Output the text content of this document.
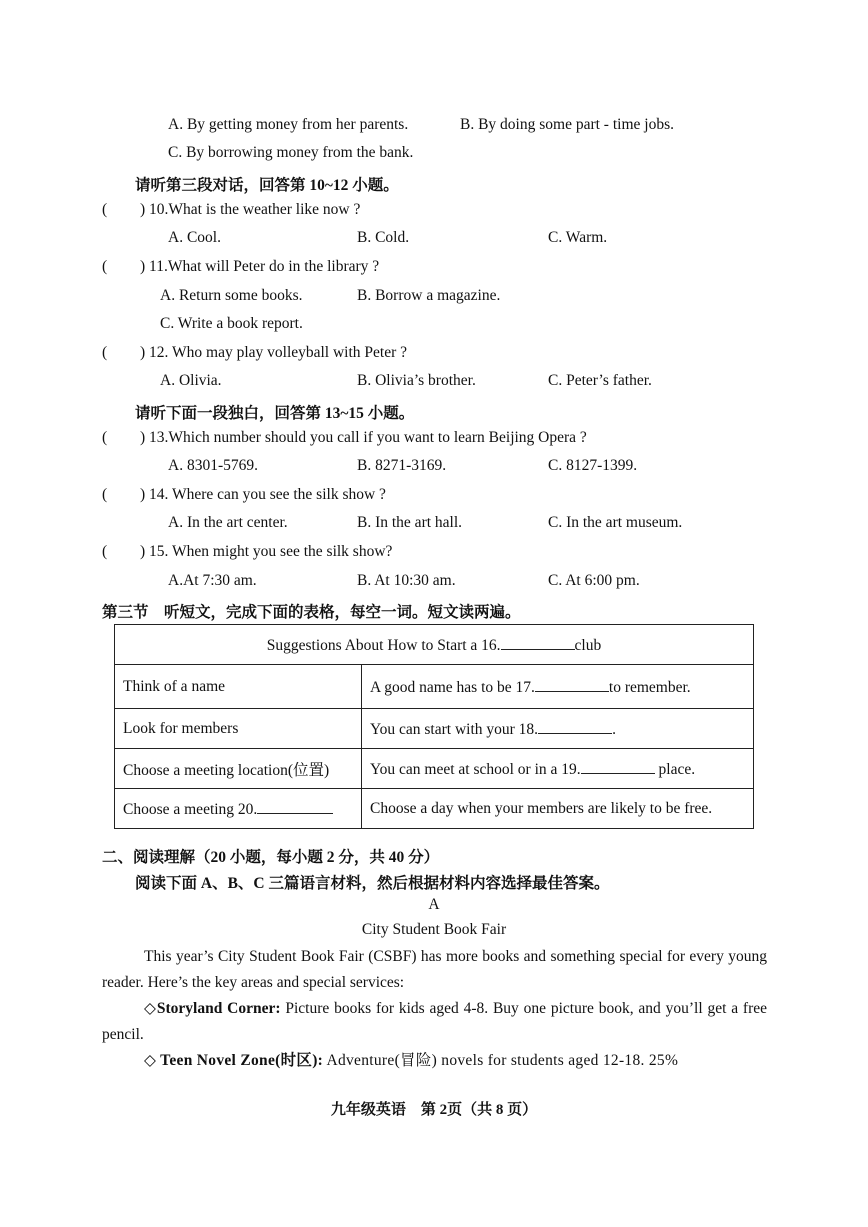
A. By getting money from her parents.	B. By doing some part - time jobs.
C. By borrowing money from the bank.
请听第三段对话，回答第 10~12 小题。
( ) 10.What is the weather like now ?
A. Cool.	B. Cold.	C. Warm.
( ) 11.What will Peter do in the library ?
A. Return some books.	B. Borrow a magazine.
C. Write a book report.
( ) 12. Who may play volleyball with Peter ?
A. Olivia.	B. Olivia’s brother.	C. Peter’s father.
请听下面一段独白，回答第 13~15 小题。
( ) 13.Which number should you call if you want to learn Beijing Opera ?
A. 8301-5769.	B. 8271-3169.	C. 8127-1399.
( ) 14. Where can you see the silk show ?
A. In the art center.	B. In the art hall.	C. In the art museum.
( ) 15. When might you see the silk show?
A.At 7:30 am.	B. At 10:30 am.	C. At 6:00 pm.
第三节　听短文，完成下面的表格，每空一词。短文读两遍。
Suggestions About How to Start a 16. club	
Think of a name	A good name has to be 17. to remember.
Look for members	You can start with your 18. .
Choose a meeting location(位置)	You can meet at school or in a 19. place.
Choose a meeting 20.	Choose a day when your members are likely to be free.
二、阅读理解（20 小题，每小题 2 分，共 40 分）
阅读下面 A、B、C 三篇语言材料，然后根据材料内容选择最佳答案。
A
City Student Book Fair
This year’s City Student Book Fair (CSBF) has more books and something special for every young reader. Here’s the key areas and special services:
◇Storyland Corner: Picture books for kids aged 4-8. Buy one picture book, and you’ll get a free pencil.
◇ Teen Novel Zone(时区): Adventure(冒险) novels for students aged 12-18. 25%
九年级英语　第 2页（共 8 页）
